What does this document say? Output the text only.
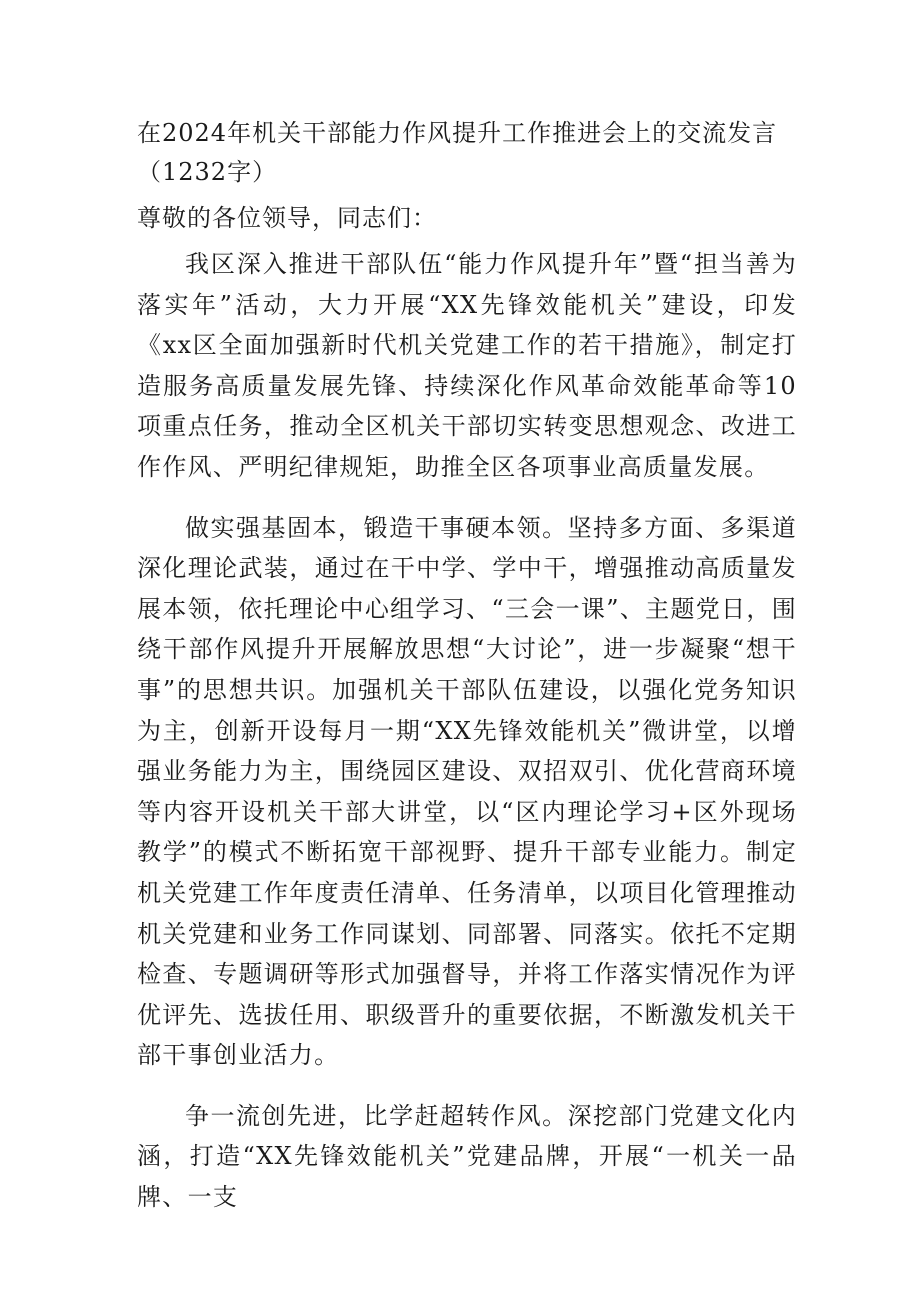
在2024年机关干部能力作风提升工作推进会上的交流发言（1232字）
尊敬的各位领导，同志们：

我区深入推进干部队伍“能力作风提升年”暨“担当善为落实年”活动，大力开展“XX先锋效能机关”建设，印发《xx区全面加强新时代机关党建工作的若干措施》，制定打造服务高质量发展先锋、持续深化作风革命效能革命等10项重点任务，推动全区机关干部切实转变思想观念、改进工作作风、严明纪律规矩，助推全区各项事业高质量发展。

做实强基固本，锻造干事硬本领。坚持多方面、多渠道深化理论武装，通过在干中学、学中干，增强推动高质量发展本领，依托理论中心组学习、“三会一课”、主题党日，围绕干部作风提升开展解放思想“大讨论”，进一步凝聚“想干事”的思想共识。加强机关干部队伍建设，以强化党务知识为主，创新开设每月一期“XX先锋效能机关”微讲堂，以增强业务能力为主，围绕园区建设、双招双引、优化营商环境等内容开设机关干部大讲堂，以“区内理论学习+区外现场教学”的模式不断拓宽干部视野、提升干部专业能力。制定机关党建工作年度责任清单、任务清单，以项目化管理推动机关党建和业务工作同谋划、同部署、同落实。依托不定期检查、专题调研等形式加强督导，并将工作落实情况作为评优评先、选拔任用、职级晋升的重要依据，不断激发机关干部干事创业活力。

争一流创先进，比学赶超转作风。深挖部门党建文化内涵，打造“XX先锋效能机关”党建品牌，开展“一机关一品牌、一支
